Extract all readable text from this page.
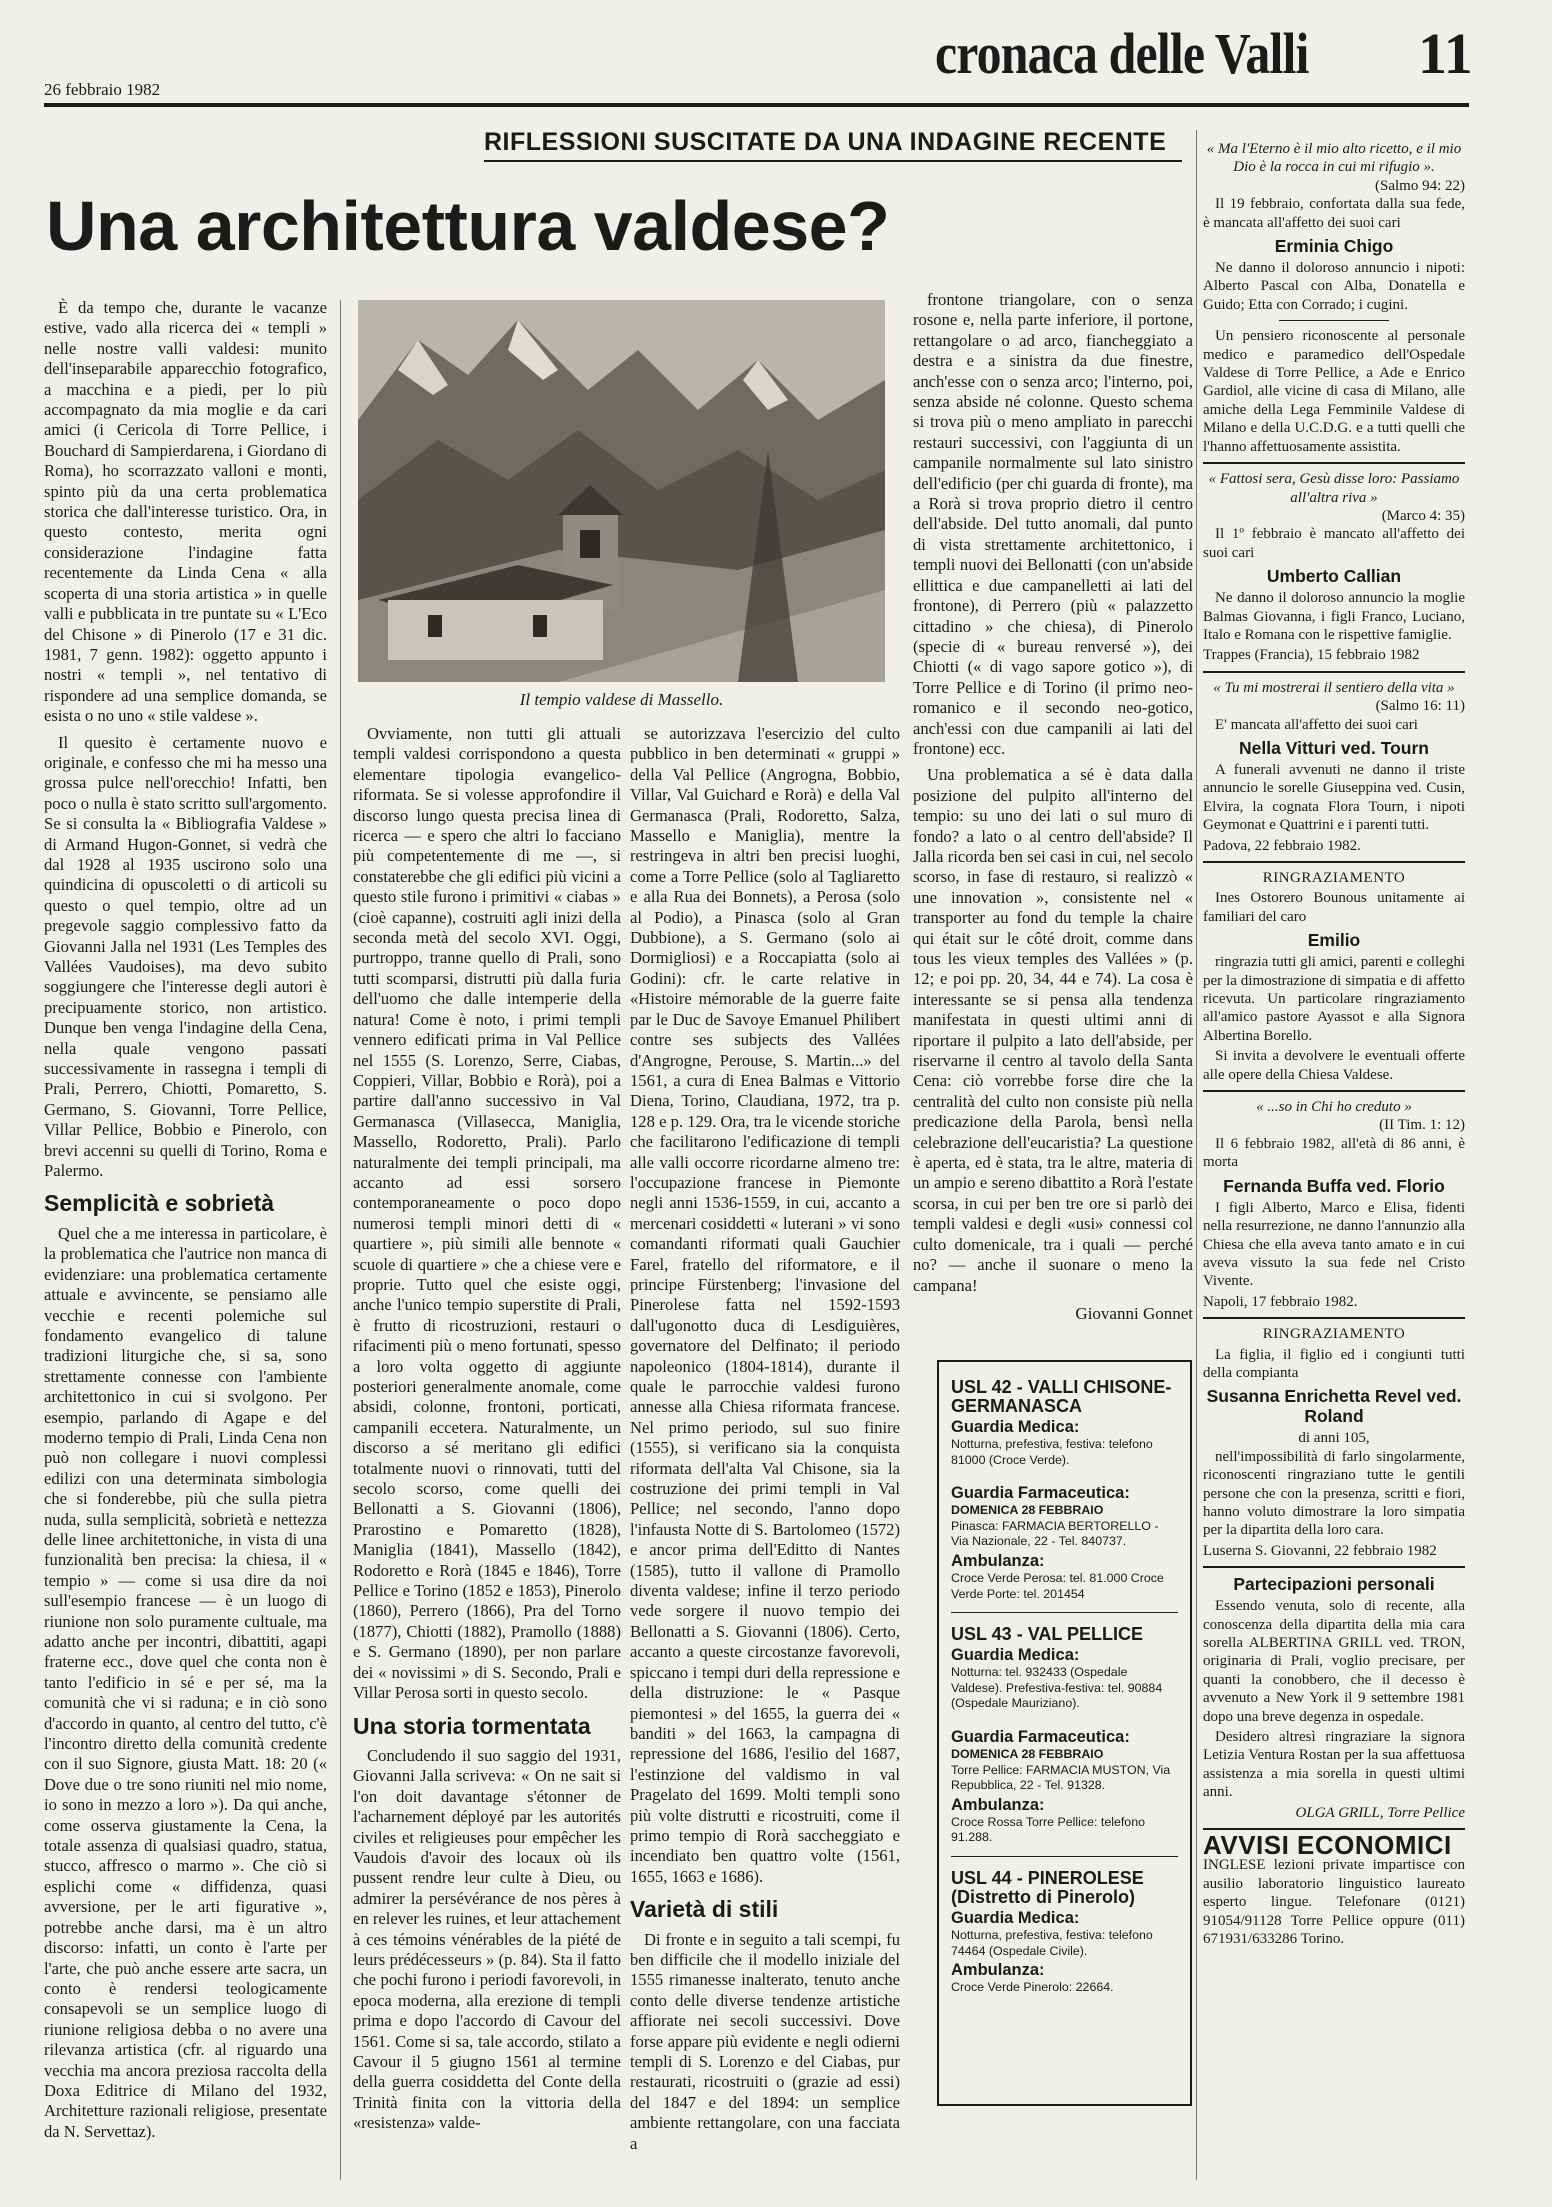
26 febbraio 1982
cronaca delle Valli 11
RIFLESSIONI SUSCITATE DA UNA INDAGINE RECENTE
Una architettura valdese?
Il tempio valdese di Massello.

È da tempo che, durante le vacanze estive, vado alla ricerca dei « templi » nelle nostre valli valdesi: munito dell'inseparabile apparecchio fotografico, a macchina e a piedi, per lo più accompagnato da mia moglie e da cari amici (i Cericola di Torre Pellice, i Bouchard di Sampierdarena, i Giordano di Roma), ho scorrazzato valloni e monti, spinto più da una certa problematica storica che dall'interesse turistico. Ora, in questo contesto, merita ogni considerazione l'indagine fatta recentemente da Linda Cena « alla scoperta di una storia artistica » in quelle valli e pubblicata in tre puntate su « L'Eco del Chisone » di Pinerolo (17 e 31 dic. 1981, 7 genn. 1982): oggetto appunto i nostri « templi », nel tentativo di rispondere ad una semplice domanda, se esista o no uno « stile valdese ».

Il quesito è certamente nuovo e originale, e confesso che mi ha messo una grossa pulce nell'orecchio! Infatti, ben poco o nulla è stato scritto sull'argomento. Se si consulta la « Bibliografia Valdese » di Armand Hugon-Gonnet, si vedrà che dal 1928 al 1935 uscirono solo una quindicina di opuscoletti o di articoli su questo o quel tempio, oltre ad un pregevole saggio complessivo fatto da Giovanni Jalla nel 1931 (Les Temples des Vallées Vaudoises), ma devo subito soggiungere che l'interesse degli autori è precipuamente storico, non artistico. Dunque ben venga l'indagine della Cena, nella quale vengono passati successivamente in rassegna i templi di Prali, Perrero, Chiotti, Pomaretto, S. Germano, S. Giovanni, Torre Pellice, Villar Pellice, Bobbio e Pinerolo, con brevi accenni su quelli di Torino, Roma e Palermo.

Semplicità e sobrietà

Quel che a me interessa in particolare, è la problematica che l'autrice non manca di evidenziare: una problematica certamente attuale e avvincente, se pensiamo alle vecchie e recenti polemiche sul fondamento evangelico di talune tradizioni liturgiche che, si sa, sono strettamente connesse con l'ambiente architettonico in cui si svolgono. Per esempio, parlando di Agape e del moderno tempio di Prali, Linda Cena non può non collegare i nuovi complessi edilizi con una determinata simbologia che si fonderebbe, più che sulla pietra nuda, sulla semplicità, sobrietà e nettezza delle linee architettoniche, in vista di una funzionalità ben precisa: la chiesa, il « tempio » — come si usa dire da noi sull'esempio francese — è un luogo di riunione non solo puramente cultuale, ma adatto anche per incontri, dibattiti, agapi fraterne ecc., dove quel che conta non è tanto l'edificio in sé e per sé, ma la comunità che vi si raduna; e in ciò sono d'accordo in quanto, al centro del tutto, c'è l'incontro diretto della comunità credente con il suo Signore, giusta Matt. 18: 20 (« Dove due o tre sono riuniti nel mio nome, io sono in mezzo a loro »). Da qui anche, come osserva giustamente la Cena, la totale assenza di qualsiasi quadro, statua, stucco, affresco o marmo ». Che ciò si esplichi come « diffidenza, quasi avversione, per le arti figurative », potrebbe anche darsi, ma è un altro discorso: infatti, un conto è l'arte per l'arte, che può anche essere arte sacra, un conto è rendersi teologicamente consapevoli se un semplice luogo di riunione religiosa debba o no avere una rilevanza artistica (cfr. al riguardo una vecchia ma ancora preziosa raccolta della Doxa Editrice di Milano del 1932, Architetture razionali religiose, presentate da N. Servettaz).

Ovviamente, non tutti gli attuali templi valdesi corrispondono a questa elementare tipologia evangelico-riformata. Se si volesse approfondire il discorso lungo questa precisa linea di ricerca — e spero che altri lo facciano più competentemente di me —, si constaterebbe che gli edifici più vicini a questo stile furono i primitivi « ciabas » (cioè capanne), costruiti agli inizi della seconda metà del secolo XVI. Oggi, purtroppo, tranne quello di Prali, sono tutti scomparsi, distrutti più dalla furia dell'uomo che dalle intemperie della natura! Come è noto, i primi templi vennero edificati prima in Val Pellice nel 1555 (S. Lorenzo, Serre, Ciabas, Coppieri, Villar, Bobbio e Rorà), poi a partire dall'anno successivo in Val Germanasca (Villasecca, Maniglia, Massello, Rodoretto, Prali). Parlo naturalmente dei templi principali, ma accanto ad essi sorsero contemporaneamente o poco dopo numerosi templi minori detti di « quartiere », più simili alle bennote « scuole di quartiere » che a chiese vere e proprie. Tutto quel che esiste oggi, anche l'unico tempio superstite di Prali, è frutto di ricostruzioni, restauri o rifacimenti più o meno fortunati, spesso a loro volta oggetto di aggiunte posteriori generalmente anomale, come absidi, colonne, frontoni, porticati, campanili eccetera. Naturalmente, un discorso a sé meritano gli edifici totalmente nuovi o rinnovati, tutti del secolo scorso, come quelli dei Bellonatti a S. Giovanni (1806), Prarostino e Pomaretto (1828), Maniglia (1841), Massello (1842), Rodoretto e Rorà (1845 e 1846), Torre Pellice e Torino (1852 e 1853), Pinerolo (1860), Perrero (1866), Pra del Torno (1877), Chiotti (1882), Pramollo (1888) e S. Germano (1890), per non parlare dei « novissimi » di S. Secondo, Prali e Villar Perosa sorti in questo secolo.

Una storia tormentata

Concludendo il suo saggio del 1931, Giovanni Jalla scriveva: « On ne sait si l'on doit davantage s'étonner de l'acharnement déployé par les autorités civiles et religieuses pour empêcher les Vaudois d'avoir des locaux où ils pussent rendre leur culte à Dieu, ou admirer la persévérance de nos pères à en relever les ruines, et leur attachement à ces témoins vénérables de la piété de leurs prédécesseurs » (p. 84). Sta il fatto che pochi furono i periodi favorevoli, in epoca moderna, alla erezione di templi prima e dopo l'accordo di Cavour del 1561. Come si sa, tale accordo, stilato a Cavour il 5 giugno 1561 al termine della guerra cosiddetta del Conte della Trinità finita con la vittoria della «resistenza» valde-

se autorizzava l'esercizio del culto pubblico in ben determinati « gruppi » della Val Pellice (Angrogna, Bobbio, Villar, Val Guichard e Rorà) e della Val Germanasca (Prali, Rodoretto, Salza, Massello e Maniglia), mentre la restringeva in altri ben precisi luoghi, come a Torre Pellice (solo al Tagliaretto e alla Rua dei Bonnets), a Perosa (solo al Podio), a Pinasca (solo al Gran Dubbione), a S. Germano (solo ai Dormigliosi) e a Roccapiatta (solo ai Godini): cfr. le carte relative in «Histoire mémorable de la guerre faite par le Duc de Savoye Emanuel Philibert contre ses subjects des Vallées d'Angrogne, Perouse, S. Martin...» del 1561, a cura di Enea Balmas e Vittorio Diena, Torino, Claudiana, 1972, tra p. 128 e p. 129. Ora, tra le vicende storiche che facilitarono l'edificazione di templi alle valli occorre ricordarne almeno tre: l'occupazione francese in Piemonte negli anni 1536-1559, in cui, accanto a mercenari cosiddetti « luterani » vi sono comandanti riformati quali Gauchier Farel, fratello del riformatore, e il principe Fürstenberg; l'invasione del Pinerolese fatta nel 1592-1593 dall'ugonotto duca di Lesdiguières, governatore del Delfinato; il periodo napoleonico (1804-1814), durante il quale le parrocchie valdesi furono annesse alla Chiesa riformata francese. Nel primo periodo, sul suo finire (1555), si verificano sia la conquista riformata dell'alta Val Chisone, sia la costruzione dei primi templi in Val Pellice; nel secondo, l'anno dopo l'infausta Notte di S. Bartolomeo (1572) e ancor prima dell'Editto di Nantes (1585), tutto il vallone di Pramollo diventa valdese; infine il terzo periodo vede sorgere il nuovo tempio dei Bellonatti a S. Giovanni (1806). Certo, accanto a queste circostanze favorevoli, spiccano i tempi duri della repressione e della distruzione: le « Pasque piemontesi » del 1655, la guerra dei « banditi » del 1663, la campagna di repressione del 1686, l'esilio del 1687, l'estinzione del valdismo in val Pragelato del 1699. Molti templi sono più volte distrutti e ricostruiti, come il primo tempio di Rorà saccheggiato e incendiato ben quattro volte (1561, 1655, 1663 e 1686).

Varietà di stili

Di fronte e in seguito a tali scempi, fu ben difficile che il modello iniziale del 1555 rimanesse inalterato, tenuto anche conto delle diverse tendenze artistiche affiorate nei secoli successivi. Dove forse appare più evidente e negli odierni templi di S. Lorenzo e del Ciabas, pur restaurati, ricostruiti o (grazie ad essi) del 1847 e del 1894: un semplice ambiente rettangolare, con una facciata a

frontone triangolare, con o senza rosone e, nella parte inferiore, il portone, rettangolare o ad arco, fiancheggiato a destra e a sinistra da due finestre, anch'esse con o senza arco; l'interno, poi, senza abside né colonne. Questo schema si trova più o meno ampliato in parecchi restauri successivi, con l'aggiunta di un campanile normalmente sul lato sinistro dell'edificio (per chi guarda di fronte), ma a Rorà si trova proprio dietro il centro dell'abside. Del tutto anomali, dal punto di vista strettamente architettonico, i templi nuovi dei Bellonatti (con un'abside ellittica e due campanelletti ai lati del frontone), di Perrero (più « palazzetto cittadino » che chiesa), di Pinerolo (specie di « bureau renversé »), dei Chiotti (« di vago sapore gotico »), di Torre Pellice e di Torino (il primo neo-romanico e il secondo neo-gotico, anch'essi con due campanili ai lati del frontone) ecc.

Una problematica a sé è data dalla posizione del pulpito all'interno del tempio: su uno dei lati o sul muro di fondo? a lato o al centro dell'abside? Il Jalla ricorda ben sei casi in cui, nel secolo scorso, in fase di restauro, si realizzò « une innovation », consistente nel « transporter au fond du temple la chaire qui était sur le côté droit, comme dans tous les vieux temples des Vallées » (p. 12; e poi pp. 20, 34, 44 e 74). La cosa è interessante se si pensa alla tendenza manifestata in questi ultimi anni di riportare il pulpito a lato dell'abside, per riservarne il centro al tavolo della Santa Cena: ciò vorrebbe forse dire che la centralità del culto non consiste più nella predicazione della Parola, bensì nella celebrazione dell'eucaristia? La questione è aperta, ed è stata, tra le altre, materia di un ampio e sereno dibattito a Rorà l'estate scorsa, in cui per ben tre ore si parlò dei templi valdesi e degli «usi» connessi col culto domenicale, tra i quali — perché no? — anche il suonare o meno la campana!

Giovanni Gonnet
USL 42 - VALLI CHISONE-GERMANASCA
Guardia Medica:
Notturna, prefestiva, festiva: telefono 81000 (Croce Verde).
Guardia Farmaceutica:
DOMENICA 28 FEBBRAIO
Pinasca: FARMACIA BERTORELLO - Via Nazionale, 22 - Tel. 840737.
Ambulanza:
Croce Verde Perosa: tel. 81.000 Croce Verde Porte: tel. 201454
USL 43 - VAL PELLICE
Guardia Medica:
Notturna: tel. 932433 (Ospedale Valdese). Prefestiva-festiva: tel. 90884 (Ospedale Mauriziano).
Guardia Farmaceutica:
DOMENICA 28 FEBBRAIO
Torre Pellice: FARMACIA MUSTON, Via Repubblica, 22 - Tel. 91328.
Ambulanza:
Croce Rossa Torre Pellice: telefono 91.288.
USL 44 - PINEROLESE (Distretto di Pinerolo)
Guardia Medica:
Notturna, prefestiva, festiva: telefono 74464 (Ospedale Civile).
Ambulanza:
Croce Verde Pinerolo: 22664.
« Ma l'Eterno è il mio alto ricetto, e il mio Dio è la rocca in cui mi rifugio ».
(Salmo 94: 22)

Il 19 febbraio, confortata dalla sua fede, è mancata all'affetto dei suoi cari

Erminia Chigo

Ne danno il doloroso annuncio i nipoti: Alberto Pascal con Alba, Donatella e Guido; Etta con Corrado; i cugini.

Un pensiero riconoscente al personale medico e paramedico dell'Ospedale Valdese di Torre Pellice, a Ade e Enrico Gardiol, alle vicine di casa di Milano, alle amiche della Lega Femminile Valdese di Milano e della U.C.D.G. e a tutti quelli che l'hanno affettuosamente assistita.

« Fattosi sera, Gesù disse loro: Passiamo all'altra riva »
(Marco 4: 35)

Il 1º febbraio è mancato all'affetto dei suoi cari

Umberto Callian

Ne danno il doloroso annuncio la moglie Balmas Giovanna, i figli Franco, Luciano, Italo e Romana con le rispettive famiglie.

Trappes (Francia), 15 febbraio 1982
« Tu mi mostrerai il sentiero della vita »
(Salmo 16: 11)

E' mancata all'affetto dei suoi cari

Nella Vitturi ved. Tourn

A funerali avvenuti ne danno il triste annuncio le sorelle Giuseppina ved. Cusin, Elvira, la cognata Flora Tourn, i nipoti Geymonat e Quattrini e i parenti tutti.

Padova, 22 febbraio 1982.
RINGRAZIAMENTO

Ines Ostorero Bounous unitamente ai familiari del caro

Emilio

ringrazia tutti gli amici, parenti e colleghi per la dimostrazione di simpatia e di affetto ricevuta. Un particolare ringraziamento all'amico pastore Ayassot e alla Signora Albertina Borello.

Si invita a devolvere le eventuali offerte alle opere della Chiesa Valdese.

« ...so in Chi ho creduto »
(II Tim. 1: 12)

Il 6 febbraio 1982, all'età di 86 anni, è morta

Fernanda Buffa ved. Florio

I figli Alberto, Marco e Elisa, fidenti nella resurrezione, ne danno l'annunzio alla Chiesa che ella aveva tanto amato e in cui aveva vissuto la sua fede nel Cristo Vivente.

Napoli, 17 febbraio 1982.
RINGRAZIAMENTO

La figlia, il figlio ed i congiunti tutti della compianta

Susanna Enrichetta Revel ved. Roland
di anni 105,

nell'impossibilità di farlo singolarmente, riconoscenti ringraziano tutte le gentili persone che con la presenza, scritti e fiori, hanno voluto dimostrare la loro simpatia per la dipartita della loro cara.

Luserna S. Giovanni, 22 febbraio 1982
Partecipazioni personali

Essendo venuta, solo di recente, alla conoscenza della dipartita della mia cara sorella ALBERTINA GRILL ved. TRON, originaria di Prali, voglio precisare, per quanti la conobbero, che il decesso è avvenuto a New York il 9 settembre 1981 dopo una breve degenza in ospedale.

Desidero altresì ringraziare la signora Letizia Ventura Rostan per la sua affettuosa assistenza a mia sorella in questi ultimi anni.

OLGA GRILL, Torre Pellice
AVVISI ECONOMICI

INGLESE lezioni private impartisce con ausilio laboratorio linguistico laureato esperto lingue. Telefonare (0121) 91054/91128 Torre Pellice oppure (011) 671931/633286 Torino.
